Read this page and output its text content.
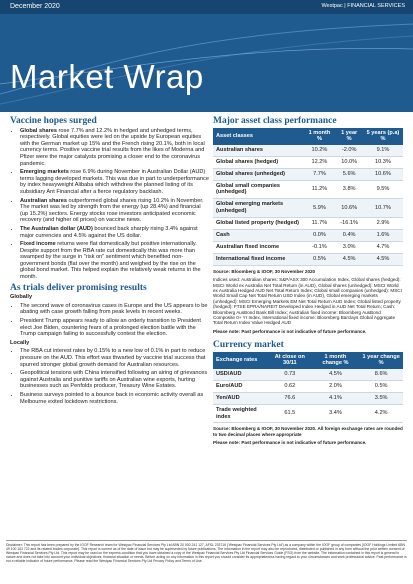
December 2020	Westpac | FINANCIAL SERVICES
Market Wrap
Vaccine hopes surged
• Global shares rose 7.7% and 12.2% in hedged and unhedged terms, respectively. Global equities were led on the upside by European equities with the German market up 15% and the French rising 20.1%, both in local currency terms. Positive vaccine trial results from the likes of Moderna and Pfizer were the major catalysts promising a closer end to the coronavirus pandemic.
• Emerging markets rose 6.9% during November in Australian Dollar (AUD) terms lagging developed markets. This was due in part to underperformance by index heavyweight Alibaba which withdrew the planned listing of its subsidiary Ant Financial after a fierce regulatory backlash.
• Australian shares outperformed global shares rising 10.2% in November. The market was led by strength from the energy (up 28.4%) and financial (up 15.2%) sectors. Energy stocks rose investors anticipated economic recovery (and higher oil prices) on vaccine news.
• The Australian dollar (AUD) bounced back sharply rising 3.4% against major currencies and 4.5% against the US dollar.
• Fixed income returns were flat domestically but positive internationally. Despite support from the RBA rate cut domestically this was more than swamped by the surge in "risk on" sentiment which benefited non-government bonds (flat over the month) and weighed by the rise on the global bond market. This helped explain the relatively weak returns in the month.
As trials deliver promising results
Globally
• The second wave of coronavirus cases in Europe and the US appears to be abating with case growth falling from peak levels in recent weeks.
• President Trump appears ready to allow an orderly transition to President elect Joe Biden, countering fears of a prolonged election battle with the Trump campaign failing to successfully contest the election.
Locally
• The RBA cut interest rates by 0.15% to a new low of 0.1% in part to reduce pressure on the AUD. This effort was thwarted by vaccine trial success that spurred stronger global growth demand for Australian resources.
• Geopolitical tensions with China intensified following an airing of grievances against Australia and punitive tariffs on Australian wine exports, hurting businesses such as Penfolds producer, Treasury Wine Estates.
• Business surveys pointed to a bounce back in economic activity overall as Melbourne exited lockdown restrictions.
Major asset class performance
Asset classes	1 month %	1 year %	5 years (p.a) %
Australian shares	10.2%	-2.0%	9.1%
Global shares (hedged)	12.2%	10.0%	10.3%
Global shares (unhedged)	7.7%	5.6%	10.6%
Global small companies (unhedged)	11.2%	3.8%	9.5%
Global emerging markets (unhedged)	5.9%	10.6%	10.7%
Global listed property (hedged)	11.7%	-16.1%	2.9%
Cash	0.0%	0.4%	1.6%
Australian fixed income	-0.1%	3.0%	4.7%
International fixed income	0.5%	4.5%	4.5%
Source: Bloomberg & IOOF, 30 November 2020
Indices used: Australian shares: S&P/ASX 300 Accumulation Index, Global shares (hedged): MSCI World ex Australia Net Total Return (in AUD), Global shares (unhedged): MSCI World ex Australia Hedged AUD Net Total Return Index; Global small companies (unhedged): MSCI World Small Cap Net Total Return USD Index (in AUD), Global emerging markets (unhedged): MSCI Emerging Markets EM Net Total Return AUD Index; Global listed property (hedged): FTSE EPRA/NAREIT Developed Index Hedged in AUD Net Total Return; Cash: Bloomberg AusBond Bank Bill Index; Australian fixed income: Bloomberg AusBond Composite 0+ Yr Index, International fixed income: Bloomberg Barclays Global Aggregate Total Return Index Value Hedged AUD
Please note: Past performance is not indicative of future performance.
Currency market
Exchange rates	At close on 30/11	1 month change %	1 year change %
USD/AUD	0.73	4.5%	8.6%
Euro/AUD	0.62	2.0%	0.5%
Yen/AUD	76.6	4.1%	3.5%
Trade weighted index	61.5	3.4%	4.2%
Source: Bloomberg & IOOF, 30 November 2020. All foreign exchange rates are rounded to two decimal places where appropriate
Please note: Past performance is not indicative of future performance.
Disclaimer: This report has been prepared by the IOOF Research team for Westpac Financial Services Pty Ltd ABN 20 000 241 127, AFSL 233716 ('Westpac Financial Services Pty Ltd') as a company within the IOOF group of companies (IOOF Holdings Limited ABN 49 100 103 722 and its related bodies corporate). This report is current as of the date of issue but may be superseded by future publications. The information in the report may also be reproduced, distributed or published in any form without the prior written consent of Westpac Financial Services Pty Ltd. This report may be used on the express condition that you have obtained a copy of the Westpac Financial Services Pty Ltd Financial Services Guide (FSG) from the website. The information contained in this report is general in nature and does not take into account your individual objectives, financial situation or needs. Before acting on any information in this report you should consider its appropriateness having regard to your circumstances and seek professional advice. Past performance is not a reliable indicator of future performance. Please read the Westpac Financial Services Pty Ltd Privacy Policy and Terms of Use.
